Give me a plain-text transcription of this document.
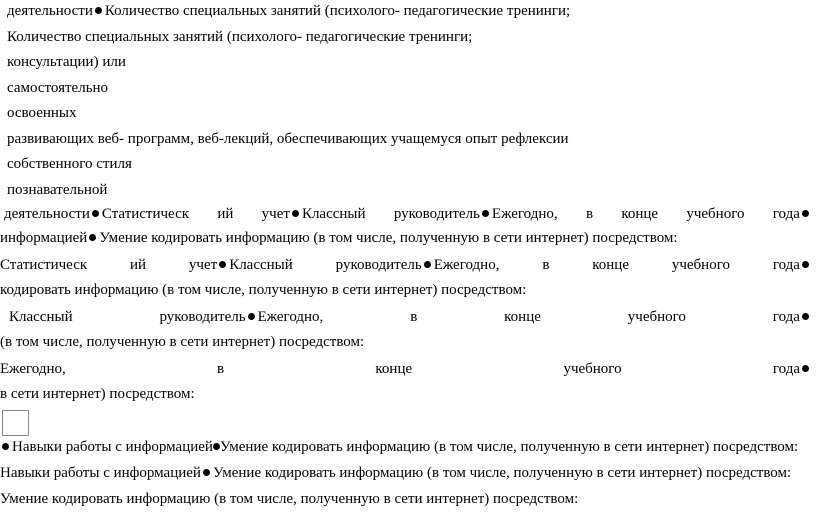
деятельности Количество специальных занятий (психолого- педагогические тренинги;
Количество специальных занятий (психолого- педагогические тренинги;
консультации) или
самостоятельно
освоенных
развивающих веб- программ, веб-лекций, обеспечивающих учащемуся опыт рефлексии
собственного стиля
познавательной
деятельности Статистическ ий учет Классный руководитель Ежегодно, в конце учебного года
информацией Умение кодировать информацию (в том числе, полученную в сети интернет) посредством:
Статистическ	ий	учет Классный	руководитель Ежегодно,	в	конце	учебного	года
кодировать информацию (в том числе, полученную в сети интернет) посредством:
Классный	руководитель Ежегодно,	в	конце	учебного	года
(в том числе, полученную в сети интернет) посредством:
Ежегодно,	в	конце	учебного	года
в сети интернет) посредством:
Навыки работы с информацией Умение кодировать информацию (в том числе, полученную в сети интернет) посредством:
Навыки работы с информацией Умение кодировать информацию (в том числе, полученную в сети интернет) посредством:
Умение кодировать информацию (в том числе, полученную в сети интернет) посредством:
